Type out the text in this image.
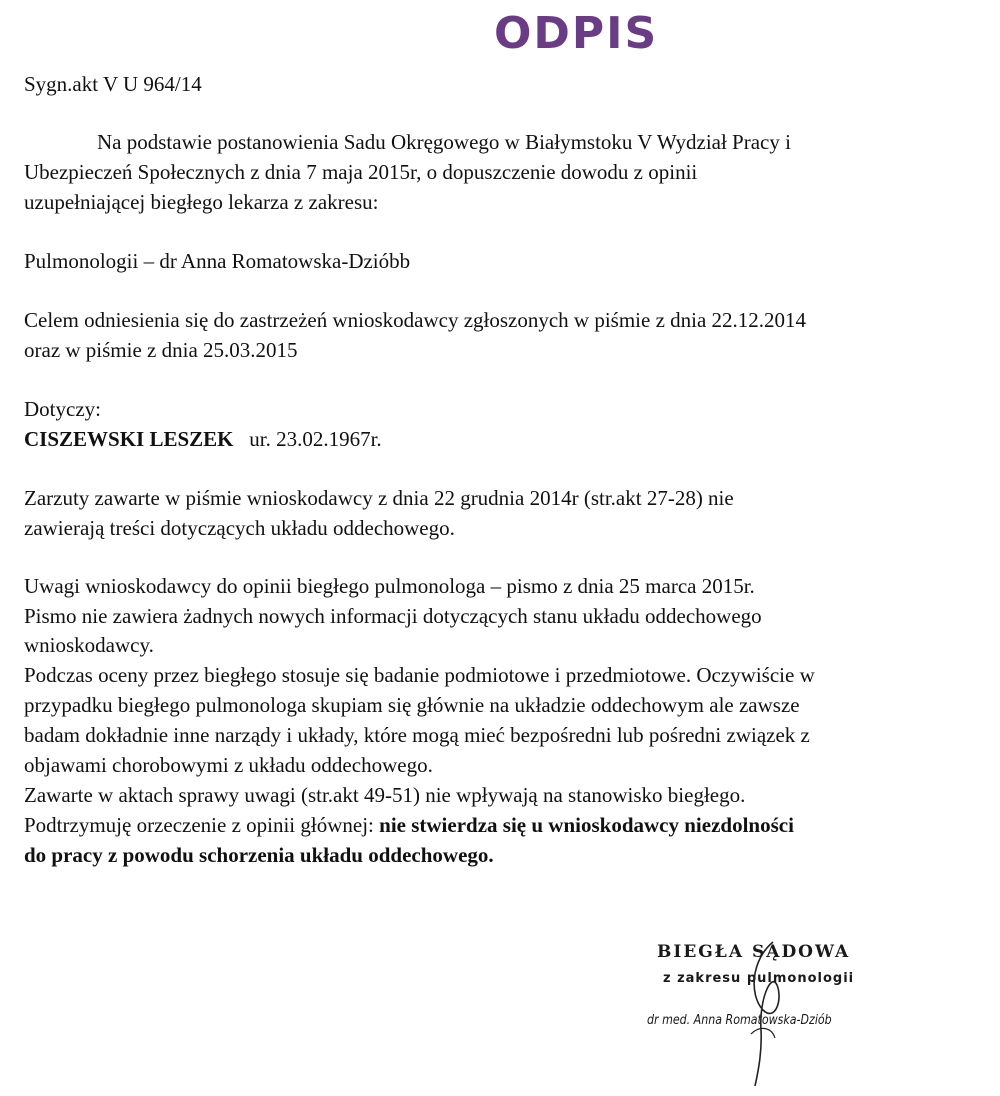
ODPIS
Sygn.akt V U 964/14
Na podstawie postanowienia Sadu Okręgowego w Białymstoku V Wydział Pracy i
Ubezpieczeń Społecznych z dnia 7 maja 2015r, o dopuszczenie dowodu z opinii
uzupełniającej biegłego lekarza z zakresu:
Pulmonologii – dr Anna Romatowska-Dzióbb
Celem odniesienia się do zastrzeżeń wnioskodawcy zgłoszonych w piśmie z dnia 22.12.2014
oraz w piśmie z dnia 25.03.2015
Dotyczy:
CISZEWSKI LESZEK ur. 23.02.1967r.
Zarzuty zawarte w piśmie wnioskodawcy z dnia 22 grudnia 2014r (str.akt 27-28) nie
zawierają treści dotyczących układu oddechowego.
Uwagi wnioskodawcy do opinii biegłego pulmonologa – pismo z dnia 25 marca 2015r.
Pismo nie zawiera żadnych nowych informacji dotyczących stanu układu oddechowego
wnioskodawcy.
Podczas oceny przez biegłego stosuje się badanie podmiotowe i przedmiotowe. Oczywiście w
przypadku biegłego pulmonologa skupiam się głównie na układzie oddechowym ale zawsze
badam dokładnie inne narządy i układy, które mogą mieć bezpośredni lub pośredni związek z
objawami chorobowymi z układu oddechowego.
Zawarte w aktach sprawy uwagi (str.akt 49-51) nie wpływają na stanowisko biegłego.
Podtrzymuję orzeczenie z opinii głównej: nie stwierdza się u wnioskodawcy niezdolności
do pracy z powodu schorzenia układu oddechowego.
BIEGŁA SĄDOWA
z zakresu pulmonologii
dr med. Anna Romatowska-Dziób
